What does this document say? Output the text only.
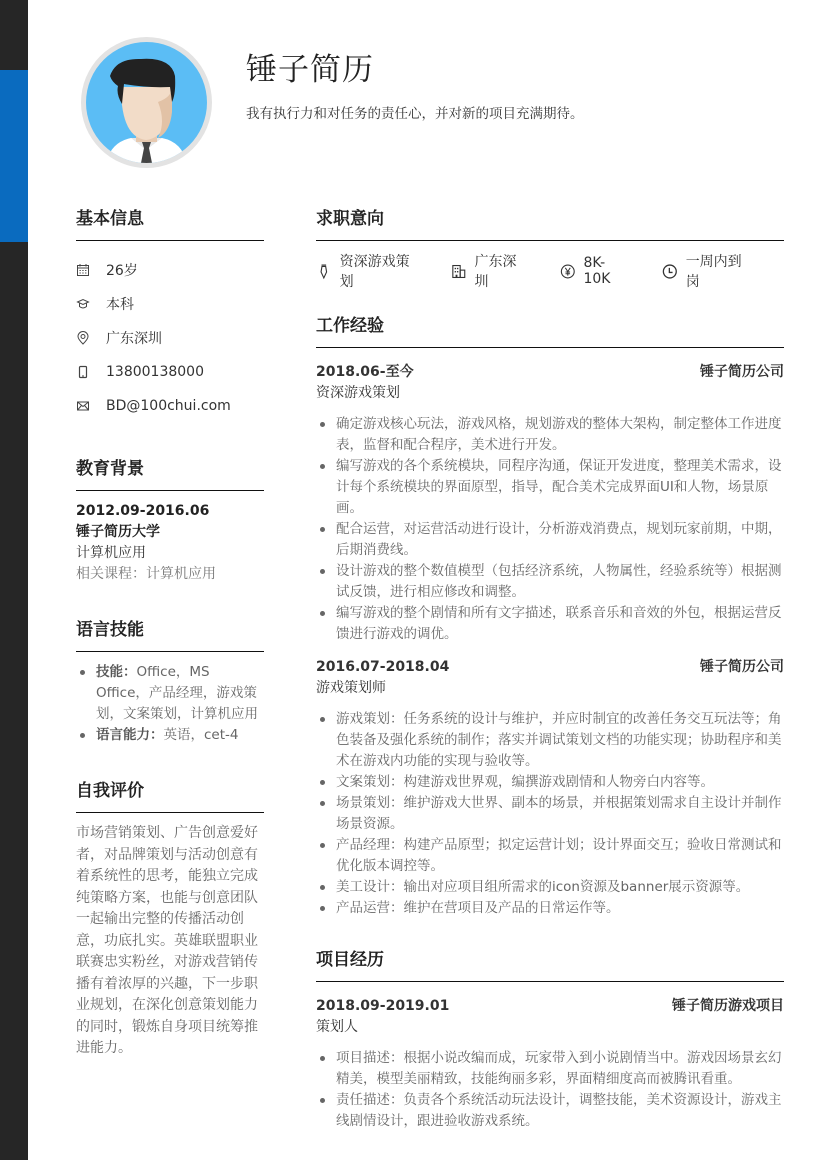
锤子简历

我有执行力和对任务的责任心，并对新的项目充满期待。

基本信息
26岁
本科
广东深圳
13800138000
BD@100chui.com
教育背景
2012.09-2016.06
锤子简历大学
计算机应用
相关课程：计算机应用
语言技能
技能：Office，MS Office，产品经理，游戏策划，文案策划，计算机应用
语言能力：英语，cet-4
自我评价

市场营销策划、广告创意爱好者，对品牌策划与活动创意有着系统性的思考，能独立完成纯策略方案，也能与创意团队一起输出完整的传播活动创意，功底扎实。英雄联盟职业联赛忠实粉丝，对游戏营销传播有着浓厚的兴趣，下一步职业规划，在深化创意策划能力的同时，锻炼自身项目统筹推进能力。

求职意向
资深游戏策划
广东深圳
8K-10K
一周内到岗
工作经验
2018.06-至今	锤子简历公司
资深游戏策划
确定游戏核心玩法，游戏风格，规划游戏的整体大架构，制定整体工作进度表，监督和配合程序，美术进行开发。
编写游戏的各个系统模块，同程序沟通，保证开发进度，整理美术需求，设计每个系统模块的界面原型，指导，配合美术完成界面UI和人物，场景原画。
配合运营，对运营活动进行设计，分析游戏消费点，规划玩家前期，中期，后期消费线。
设计游戏的整个数值模型（包括经济系统，人物属性，经验系统等）根据测试反馈，进行相应修改和调整。
编写游戏的整个剧情和所有文字描述，联系音乐和音效的外包，根据运营反馈进行游戏的调优。
2016.07-2018.04	锤子简历公司
游戏策划师
游戏策划：任务系统的设计与维护，并应时制宜的改善任务交互玩法等；角色装备及强化系统的制作；落实并调试策划文档的功能实现；协助程序和美术在游戏内功能的实现与验收等。
文案策划：构建游戏世界观，编撰游戏剧情和人物旁白内容等。
场景策划：维护游戏大世界、副本的场景，并根据策划需求自主设计并制作场景资源。
产品经理：构建产品原型；拟定运营计划；设计界面交互；验收日常测试和优化版本调控等。
美工设计：输出对应项目组所需求的icon资源及banner展示资源等。
产品运营：维护在营项目及产品的日常运作等。
项目经历
2018.09-2019.01	锤子简历游戏项目
策划人
项目描述：根据小说改编而成，玩家带入到小说剧情当中。游戏因场景玄幻精美，模型美丽精致，技能绚丽多彩，界面精细度高而被腾讯看重。
责任描述：负责各个系统活动玩法设计，调整技能，美术资源设计，游戏主线剧情设计，跟进验收游戏系统。
